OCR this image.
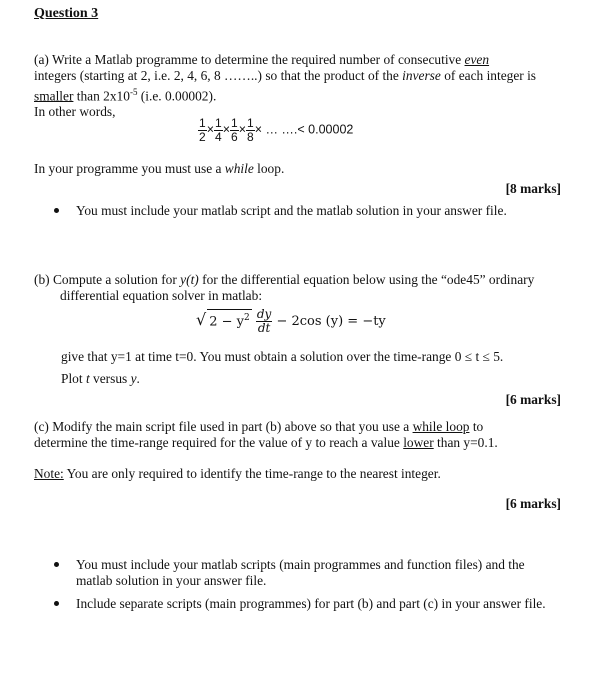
Question 3
(a) Write a Matlab programme to determine the required number of consecutive even
integers (starting at 2, i.e. 2, 4, 6, 8 ……..) so that the product of the inverse of each integer is
smaller than $2x10^{-5}$ (i.e. 0.00002).
In other words,
$\frac{1}{2} \times \frac{1}{4} \times \frac{1}{6} \times \frac{1}{8}$ × … ….< 0.00002
In your programme you must use a while loop.
[8 marks]
You must include your matlab script and the matlab solution in your answer file.
(b) Compute a solution for y(t) for the differential equation below using the “ode45” ordinary
differential equation solver in matlab:
√ $2 - y^2 \frac{dy}{dt} - 2\cos$ (y) = −ty
give that y=1 at time t=0. You must obtain a solution over the time-range 0 ≤ t ≤ 5.
Plot t versus y.
[6 marks]
(c) Modify the main script file used in part (b) above so that you use a while loop to
determine the time-range required for the value of y to reach a value lower than y=0.1.
Note: You are only required to identify the time-range to the nearest integer.
[6 marks]
You must include your matlab scripts (main programmes and function files) and the matlab solution in your answer file.
Include separate scripts (main programmes) for part (b) and part (c) in your answer file.
